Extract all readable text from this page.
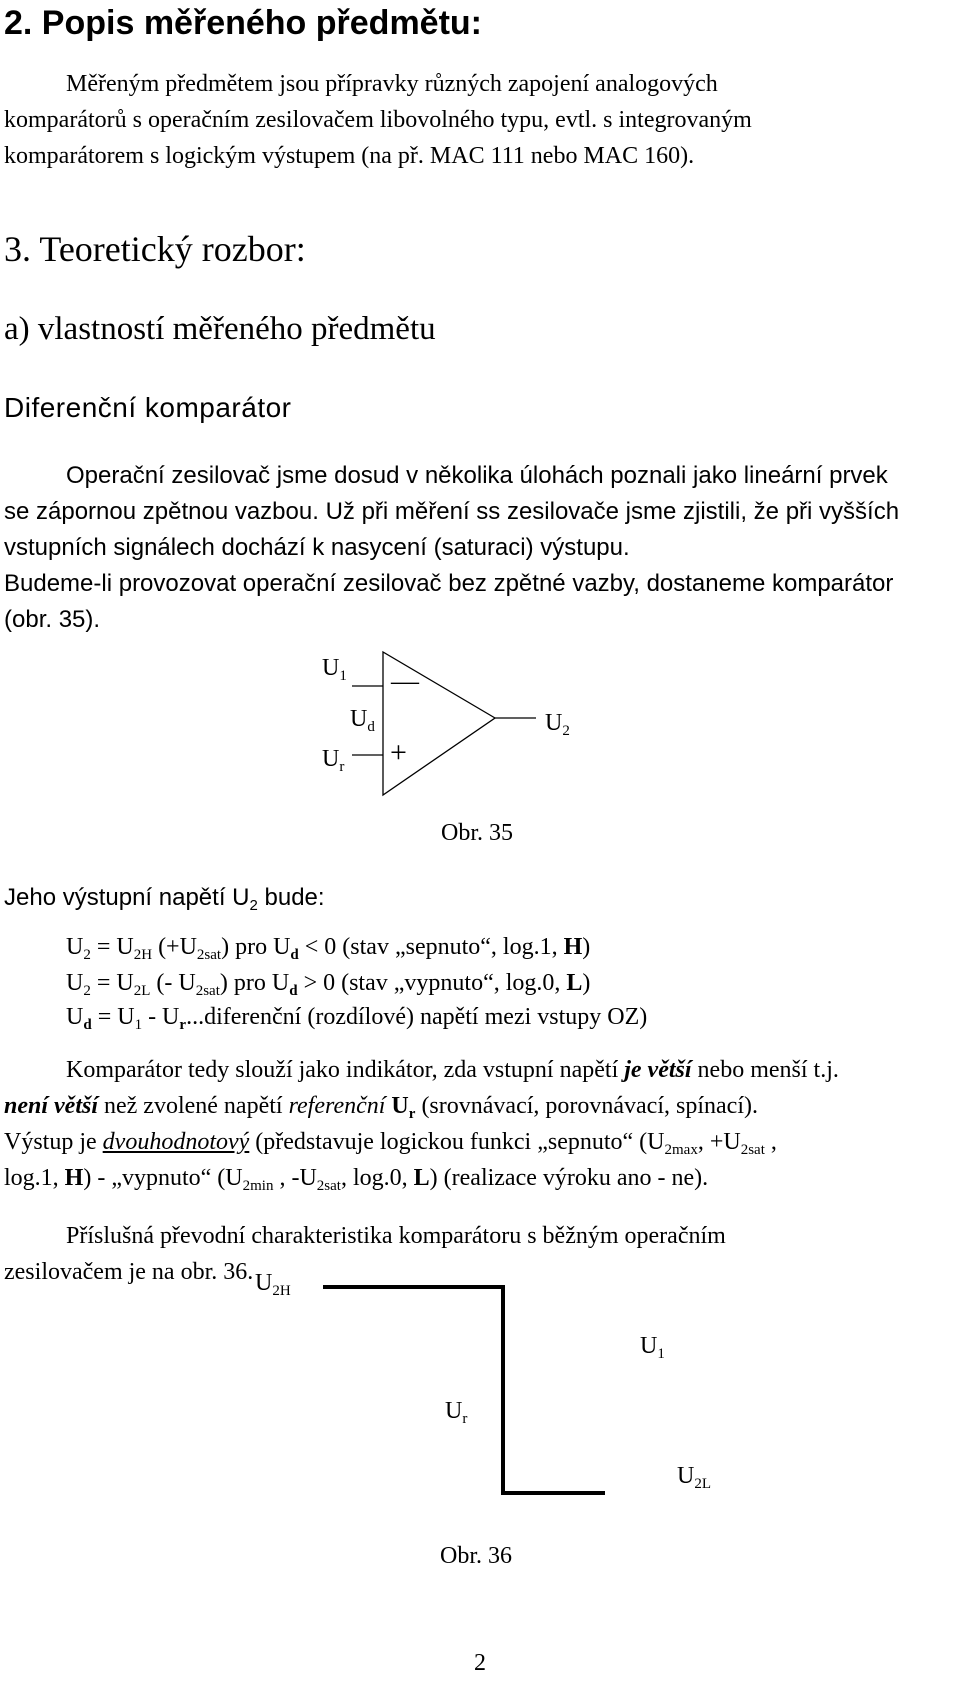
2. Popis měřeného předmětu:
Měřeným předmětem jsou přípravky různých zapojení analogových
komparátorů s operačním zesilovačem libovolného typu, evtl. s integrovaným
komparátorem s logickým výstupem (na př. MAC 111 nebo MAC 160).
3. Teoretický rozbor:
a) vlastností měřeného předmětu
Diferenční komparátor
Operační zesilovač jsme dosud v několika úlohách poznali jako lineární prvek
se zápornou zpětnou vazbou. Už při měření ss zesilovače jsme zjistili, že při vyšších
vstupních signálech dochází k nasycení (saturaci) výstupu.
Budeme-li provozovat operační zesilovač bez zpětné vazby, dostaneme komparátor
(obr. 35).
$U_1$
$U_d$
$U_r$
$U_2$
—
+
Obr. 35
Jeho výstupní napětí $U_2$ bude:
$U_2 = U_{2H}$ $(+U_{2sat})$ pro $U_d < 0$ (stav „sepnuto“, log.1, H)
$U_2 = U_{2L}$ (- $U_{2sat}$) pro $U_d > 0$ (stav „vypnuto“, log.0, L)
$U_d = U_1$ - $U_r...diferenční$ (rozdílové) napětí mezi vstupy OZ)
Komparátor tedy slouží jako indikátor, zda vstupní napětí je větší nebo menší t.j.
není větší než zvolené napětí referenční $U_r$ (srovnávací, porovnávací, spínací).
Výstup je dvouhodnotový (představuje logickou funkci „sepnuto“ ($U_{2max}$, $+U_{2sat}$ ,
log.1, H) - „vypnuto“ ($U_{2min}$ , $-U_{2sat}$, log.0, L) (realizace výroku ano - ne).
Příslušná převodní charakteristika komparátoru s běžným operačním
zesilovačem je na obr. 36. $U_{2H}$
$U_1$
$U_r$
$U_{2L}$
Obr. 36
2
